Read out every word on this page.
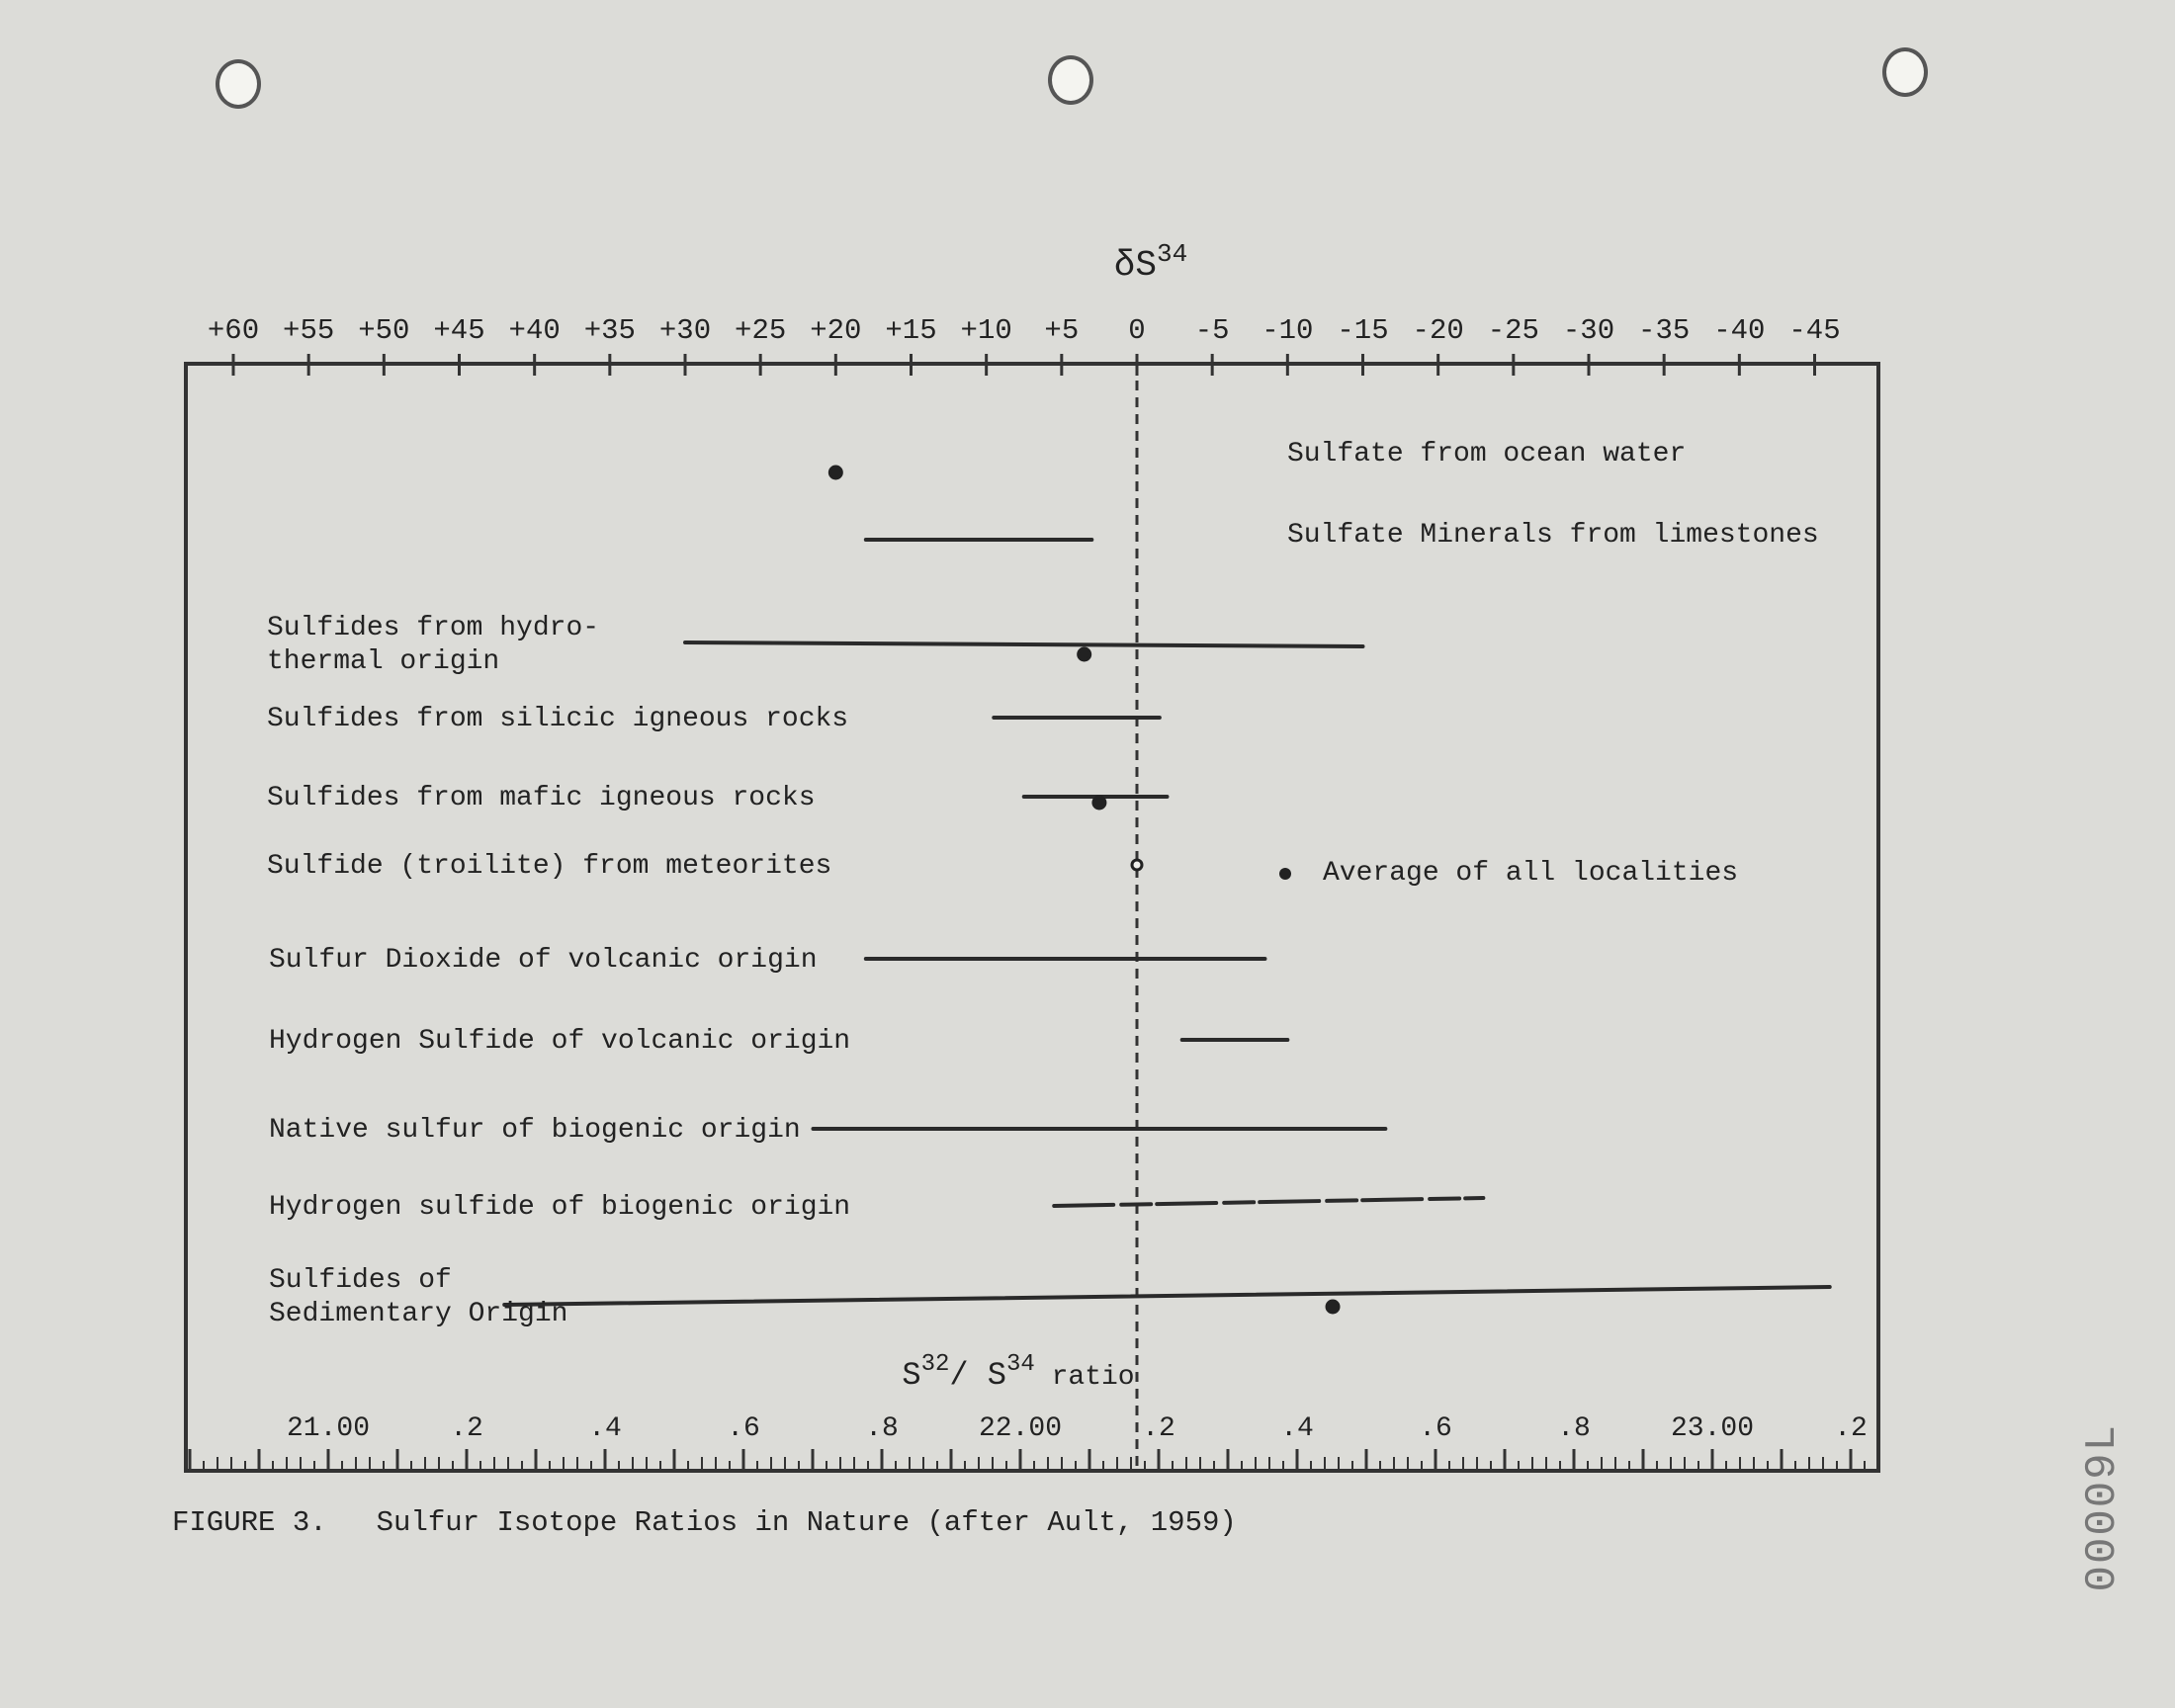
+60 +55 +50 +45 +40 +35 +30 +25 +20 +15 +10 +5 0 -5 -10 -15 -20 -25 -30 -35 -40 -45
$\delta S^{34}$
21.00	.2	.4	.6	.8	22.00	.2	.4	.6	.8	23.00	.2
$S^{32}/$ $S^{34}$ ratio
Sulfate from ocean water
Sulfate Minerals from limestones
Sulfides from hydro-thermal origin
Sulfides from silicic igneous rocks
Sulfides from mafic igneous rocks
Sulfide (troilite) from meteorites
Sulfur Dioxide of volcanic origin
Hydrogen Sulfide of volcanic origin
Native sulfur of biogenic origin
Hydrogen sulfide of biogenic origin
Sulfides of Sedimentary Origin
Average of all localities
FIGURE 3. Sulfur Isotope Ratios in Nature (after Ault, 1959)	00009L
